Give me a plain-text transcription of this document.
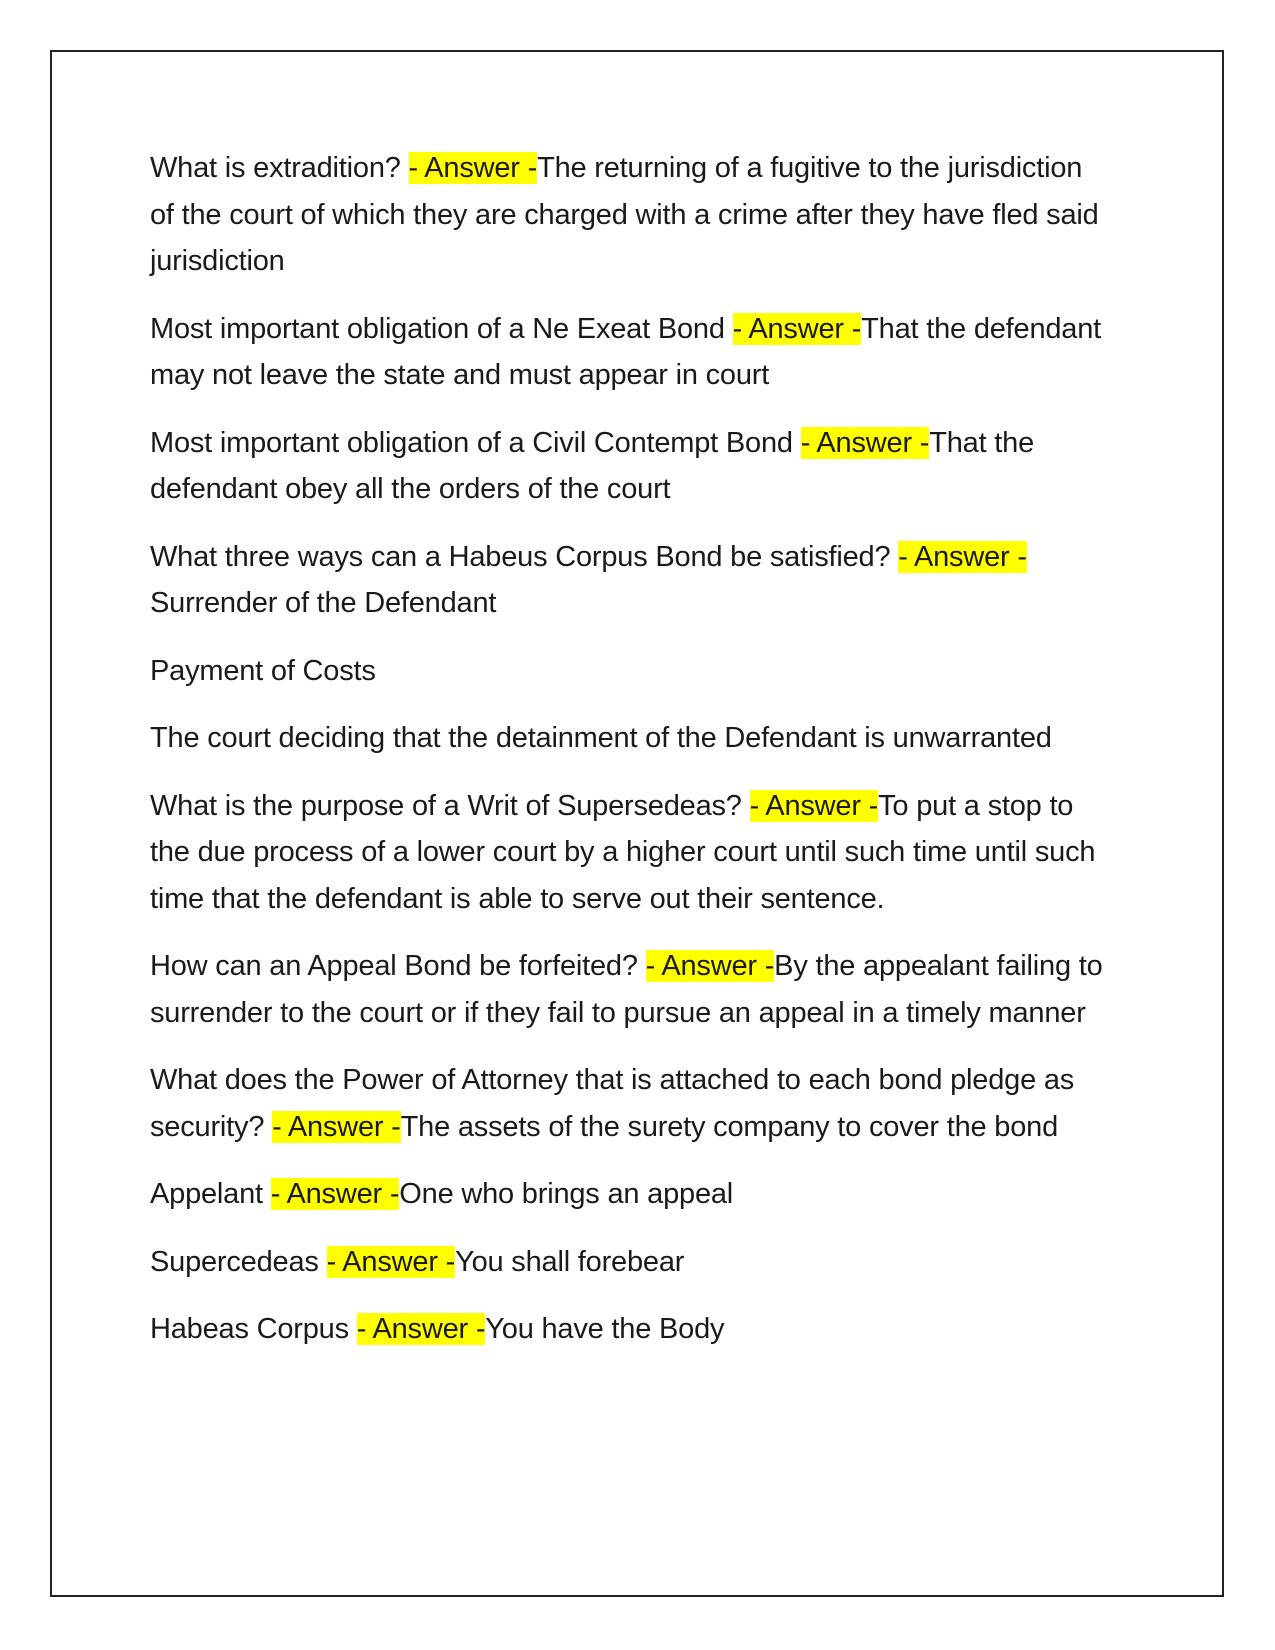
What is extradition? - Answer -The returning of a fugitive to the jurisdiction of the court of which they are charged with a crime after they have fled said jurisdiction

Most important obligation of a Ne Exeat Bond - Answer -That the defendant may not leave the state and must appear in court

Most important obligation of a Civil Contempt Bond - Answer -That the defendant obey all the orders of the court

What three ways can a Habeus Corpus Bond be satisfied? - Answer -
Surrender of the Defendant

Payment of Costs

The court deciding that the detainment of the Defendant is unwarranted

What is the purpose of a Writ of Supersedeas? - Answer -To put a stop to the due process of a lower court by a higher court until such time until such time that the defendant is able to serve out their sentence.

How can an Appeal Bond be forfeited? - Answer -By the appealant failing to surrender to the court or if they fail to pursue an appeal in a timely manner

What does the Power of Attorney that is attached to each bond pledge as security? - Answer -The assets of the surety company to cover the bond

Appelant - Answer -One who brings an appeal

Supercedeas - Answer -You shall forebear

Habeas Corpus - Answer -You have the Body
